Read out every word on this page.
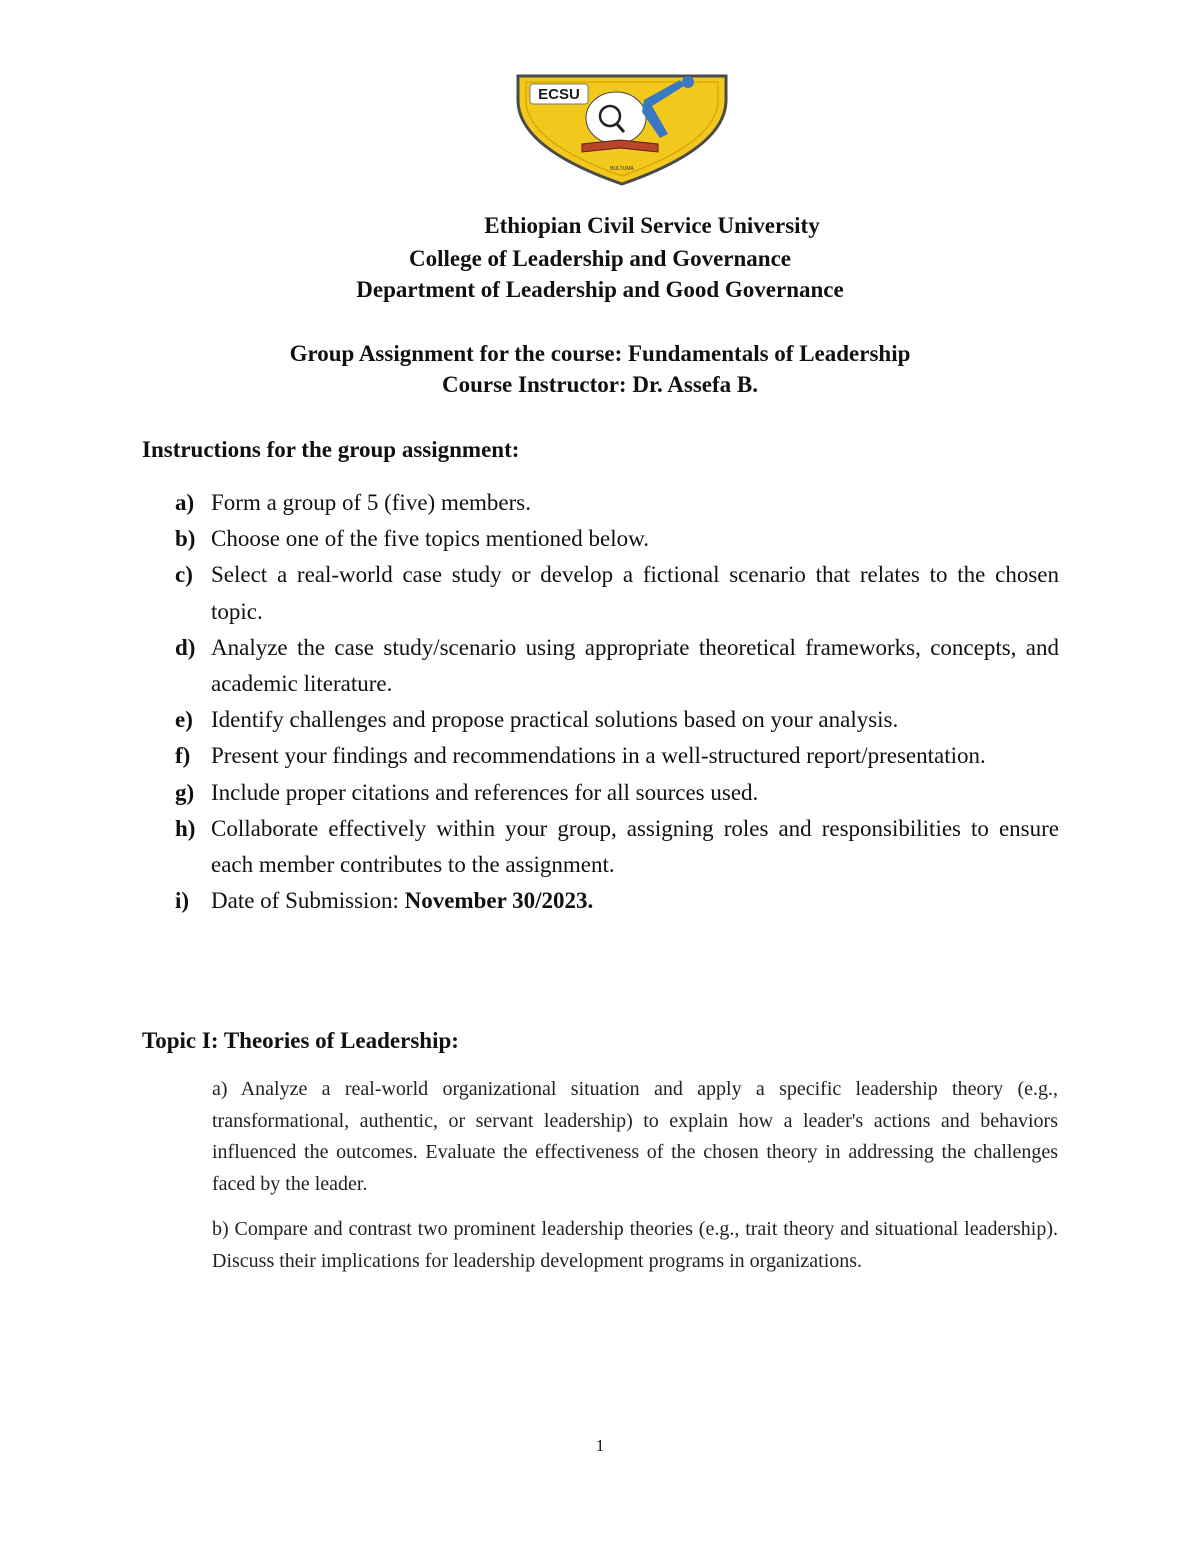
ECSU
BULTUMA
Ethiopian Civil Service University
College of Leadership and Governance
Department of Leadership and Good Governance
Group Assignment for the course: Fundamentals of Leadership
Course Instructor: Dr. Assefa B.
Instructions for the group assignment:
a) Form a group of 5 (five) members.
b) Choose one of the five topics mentioned below.
c) Select a real-world case study or develop a fictional scenario that relates to the chosen topic.
d) Analyze the case study/scenario using appropriate theoretical frameworks, concepts, and academic literature.
e) Identify challenges and propose practical solutions based on your analysis.
f) Present your findings and recommendations in a well-structured report/presentation.
g) Include proper citations and references for all sources used.
h) Collaborate effectively within your group, assigning roles and responsibilities to ensure each member contributes to the assignment.
i) Date of Submission: November 30/2023.
Topic I: Theories of Leadership:

a) Analyze a real-world organizational situation and apply a specific leadership theory (e.g., transformational, authentic, or servant leadership) to explain how a leader's actions and behaviors influenced the outcomes. Evaluate the effectiveness of the chosen theory in addressing the challenges faced by the leader.

b) Compare and contrast two prominent leadership theories (e.g., trait theory and situational leadership). Discuss their implications for leadership development programs in organizations.

1
